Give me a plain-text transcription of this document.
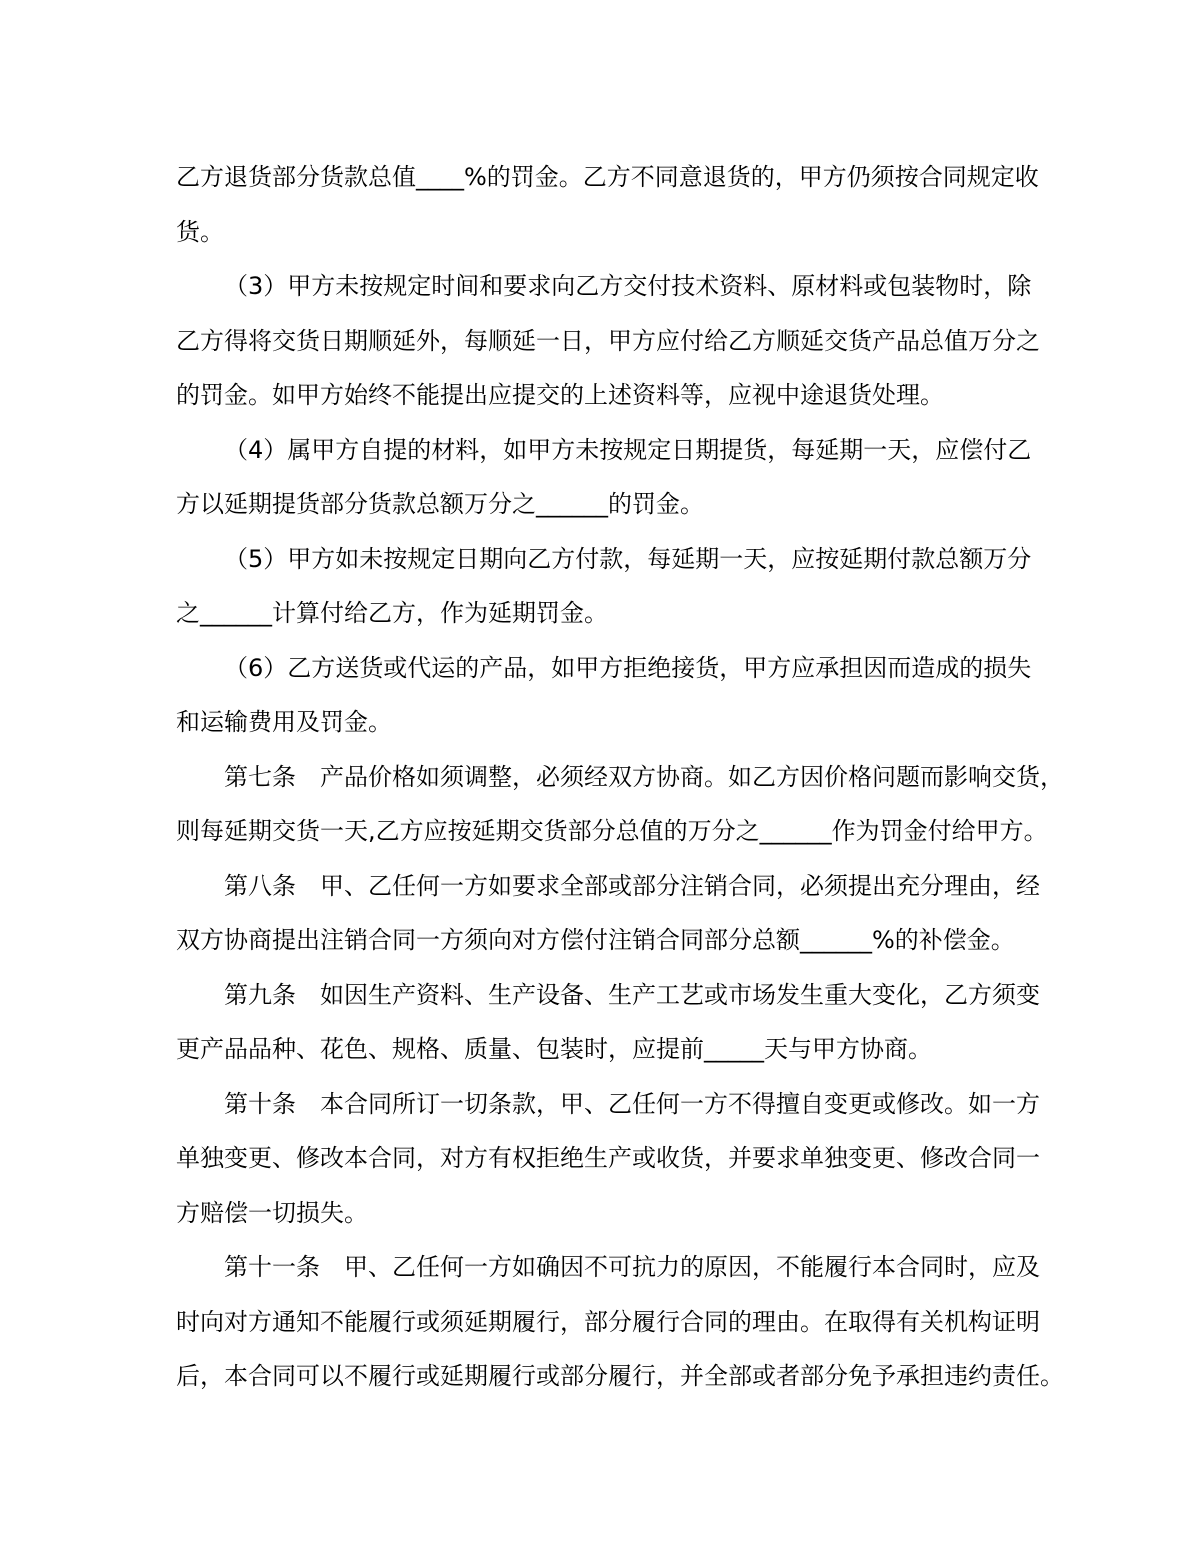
乙方退货部分货款总值____%的罚金。乙方不同意退货的，甲方仍须按合同规定收
货。
（3）甲方未按规定时间和要求向乙方交付技术资料、原材料或包装物时，除
乙方得将交货日期顺延外，每顺延一日，甲方应付给乙方顺延交货产品总值万分之
的罚金。如甲方始终不能提出应提交的上述资料等，应视中途退货处理。
（4）属甲方自提的材料，如甲方未按规定日期提货，每延期一天，应偿付乙
方以延期提货部分货款总额万分之______的罚金。
（5）甲方如未按规定日期向乙方付款，每延期一天，应按延期付款总额万分
之______计算付给乙方，作为延期罚金。
（6）乙方送货或代运的产品，如甲方拒绝接货，甲方应承担因而造成的损失
和运输费用及罚金。
第七条　产品价格如须调整，必须经双方协商。如乙方因价格问题而影响交货，
则每延期交货一天,乙方应按延期交货部分总值的万分之______作为罚金付给甲方。
第八条　甲、乙任何一方如要求全部或部分注销合同，必须提出充分理由，经
双方协商提出注销合同一方须向对方偿付注销合同部分总额______%的补偿金。
第九条　如因生产资料、生产设备、生产工艺或市场发生重大变化，乙方须变
更产品品种、花色、规格、质量、包装时，应提前_____天与甲方协商。
第十条　本合同所订一切条款，甲、乙任何一方不得擅自变更或修改。如一方
单独变更、修改本合同，对方有权拒绝生产或收货，并要求单独变更、修改合同一
方赔偿一切损失。
第十一条　甲、乙任何一方如确因不可抗力的原因，不能履行本合同时，应及
时向对方通知不能履行或须延期履行，部分履行合同的理由。在取得有关机构证明
后，本合同可以不履行或延期履行或部分履行，并全部或者部分免予承担违约责任。
